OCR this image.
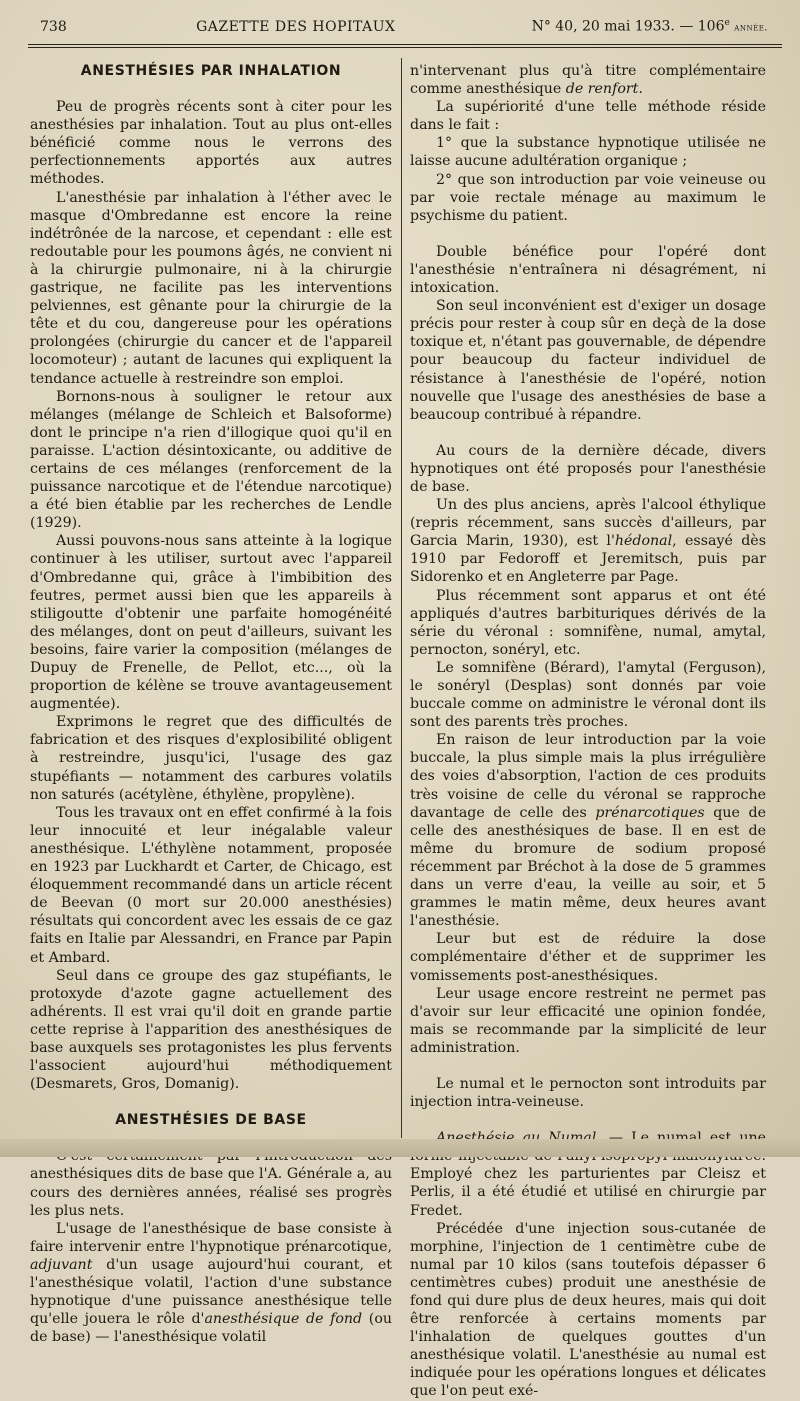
738	GAZETTE DES HOPITAUX	N° 40, 20 mai 1933. — 106e année.
ANESTHÉSIES PAR INHALATION

Peu de progrès récents sont à citer pour les anesthésies par inhalation. Tout au plus ont-elles bénéficié comme nous le verrons des perfectionnements apportés aux autres méthodes.

L'anesthésie par inhalation à l'éther avec le masque d'Ombredanne est encore la reine indétrônée de la narcose, et cependant : elle est redoutable pour les poumons âgés, ne convient ni à la chirurgie pulmonaire, ni à la chirurgie gastrique, ne facilite pas les interventions pelviennes, est gênante pour la chirurgie de la tête et du cou, dangereuse pour les opérations prolongées (chirurgie du cancer et de l'appareil locomoteur) ; autant de lacunes qui expliquent la tendance actuelle à restreindre son emploi.

Bornons-nous à souligner le retour aux mélanges (mélange de Schleich et Balsoforme) dont le principe n'a rien d'illogique quoi qu'il en paraisse. L'action désintoxicante, ou additive de certains de ces mélanges (renforcement de la puissance narcotique et de l'étendue narcotique) a été bien établie par les recherches de Lendle (1929).

Aussi pouvons-nous sans atteinte à la logique continuer à les utiliser, surtout avec l'appareil d'Ombredanne qui, grâce à l'imbibition des feutres, permet aussi bien que les appareils à stiligoutte d'obtenir une parfaite homogénéité des mélanges, dont on peut d'ailleurs, suivant les besoins, faire varier la composition (mélanges de Dupuy de Frenelle, de Pellot, etc..., où la proportion de kélène se trouve avantageusement augmentée).

Exprimons le regret que des difficultés de fabrication et des risques d'explosibilité obligent à restreindre, jusqu'ici, l'usage des gaz stupéfiants — notamment des carbures volatils non saturés (acétylène, éthylène, propylène).

Tous les travaux ont en effet confirmé à la fois leur innocuité et leur inégalable valeur anesthésique. L'éthylène notamment, proposée en 1923 par Luckhardt et Carter, de Chicago, est éloquemment recommandé dans un article récent de Beevan (0 mort sur 20.000 anesthésies) résultats qui concordent avec les essais de ce gaz faits en Italie par Alessandri, en France par Papin et Ambard.

Seul dans ce groupe des gaz stupéfiants, le protoxyde d'azote gagne actuellement des adhérents. Il est vrai qu'il doit en grande partie cette reprise à l'apparition des anesthésiques de base auxquels ses protagonistes les plus fervents l'associent aujourd'hui méthodiquement (Desmarets, Gros, Domanig).

ANESTHÉSIES DE BASE

anesthésiques dits de base que l'A. Générale a, au cours des dernières années, réalisé ses progrès les plus nets.

L'usage de l'anesthésique de base consiste à faire intervenir entre l'hypnotique prénarcotique, adjuvant d'un usage aujourd'hui courant, et l'anesthésique volatil, l'action d'une substance hypnotique d'une puissance anesthésique telle qu'elle jouera le rôle d'anesthésique de fond (ou de base) — l'anesthésique volatil

n'intervenant plus qu'à titre complémentaire comme anesthésique de renfort.

La supériorité d'une telle méthode réside dans le fait :

1° que la substance hypnotique utilisée ne laisse aucune adultération organique ;

2° que son introduction par voie veineuse ou par voie rectale ménage au maximum le psychisme du patient.

Double bénéfice pour l'opéré dont l'anesthésie n'entraînera ni désagrément, ni intoxication.

Son seul inconvénient est d'exiger un dosage précis pour rester à coup sûr en deçà de la dose toxique et, n'étant pas gouvernable, de dépendre pour beaucoup du facteur individuel de résistance à l'anesthésie de l'opéré, notion nouvelle que l'usage des anesthésies de base a beaucoup contribué à répandre.

Au cours de la dernière décade, divers hypnotiques ont été proposés pour l'anesthésie de base.

Un des plus anciens, après l'alcool éthylique (repris récemment, sans succès d'ailleurs, par Garcia Marin, 1930), est l'hédonal, essayé dès 1910 par Fedoroff et Jeremitsch, puis par Sidorenko et en Angleterre par Page.

Plus récemment sont apparus et ont été appliqués d'autres barbituriques dérivés de la série du véronal : somnifène, numal, amytal, pernocton, sonéryl, etc.

Le somnifène (Bérard), l'amytal (Ferguson), le sonéryl (Desplas) sont donnés par voie buccale comme on administre le véronal dont ils sont des parents très proches.

En raison de leur introduction par la voie buccale, la plus simple mais la plus irrégulière des voies d'absorption, l'action de ces produits très voisine de celle du véronal se rapproche davantage de celle des prénarcotiques que de celle des anesthésiques de base. Il en est de même du bromure de sodium proposé récemment par Bréchot à la dose de 5 grammes dans un verre d'eau, la veille au soir, et 5 grammes le matin même, deux heures avant l'anesthésie.

Leur but est de réduire la dose complémentaire d'éther et de supprimer les vomissements post-anesthésiques.

Leur usage encore restreint ne permet pas d'avoir sur leur efficacité une opinion fondée, mais se recommande par la simplicité de leur administration.

Le numal et le pernocton sont introduits par injection intra-veineuse.

Employé chez les parturientes par Cleisz et Perlis, il a été étudié et utilisé en chirurgie par Fredet.

Précédée d'une injection sous-cutanée de morphine, l'injection de 1 centimètre cube de numal par 10 kilos (sans toutefois dépasser 6 centimètres cubes) produit une anesthésie de fond qui dure plus de deux heures, mais qui doit être renforcée à certains moments par l'inhalation de quelques gouttes d'un anesthésique volatil. L'anesthésie au numal est indiquée pour les opérations longues et délicates que l'on peut exé-
